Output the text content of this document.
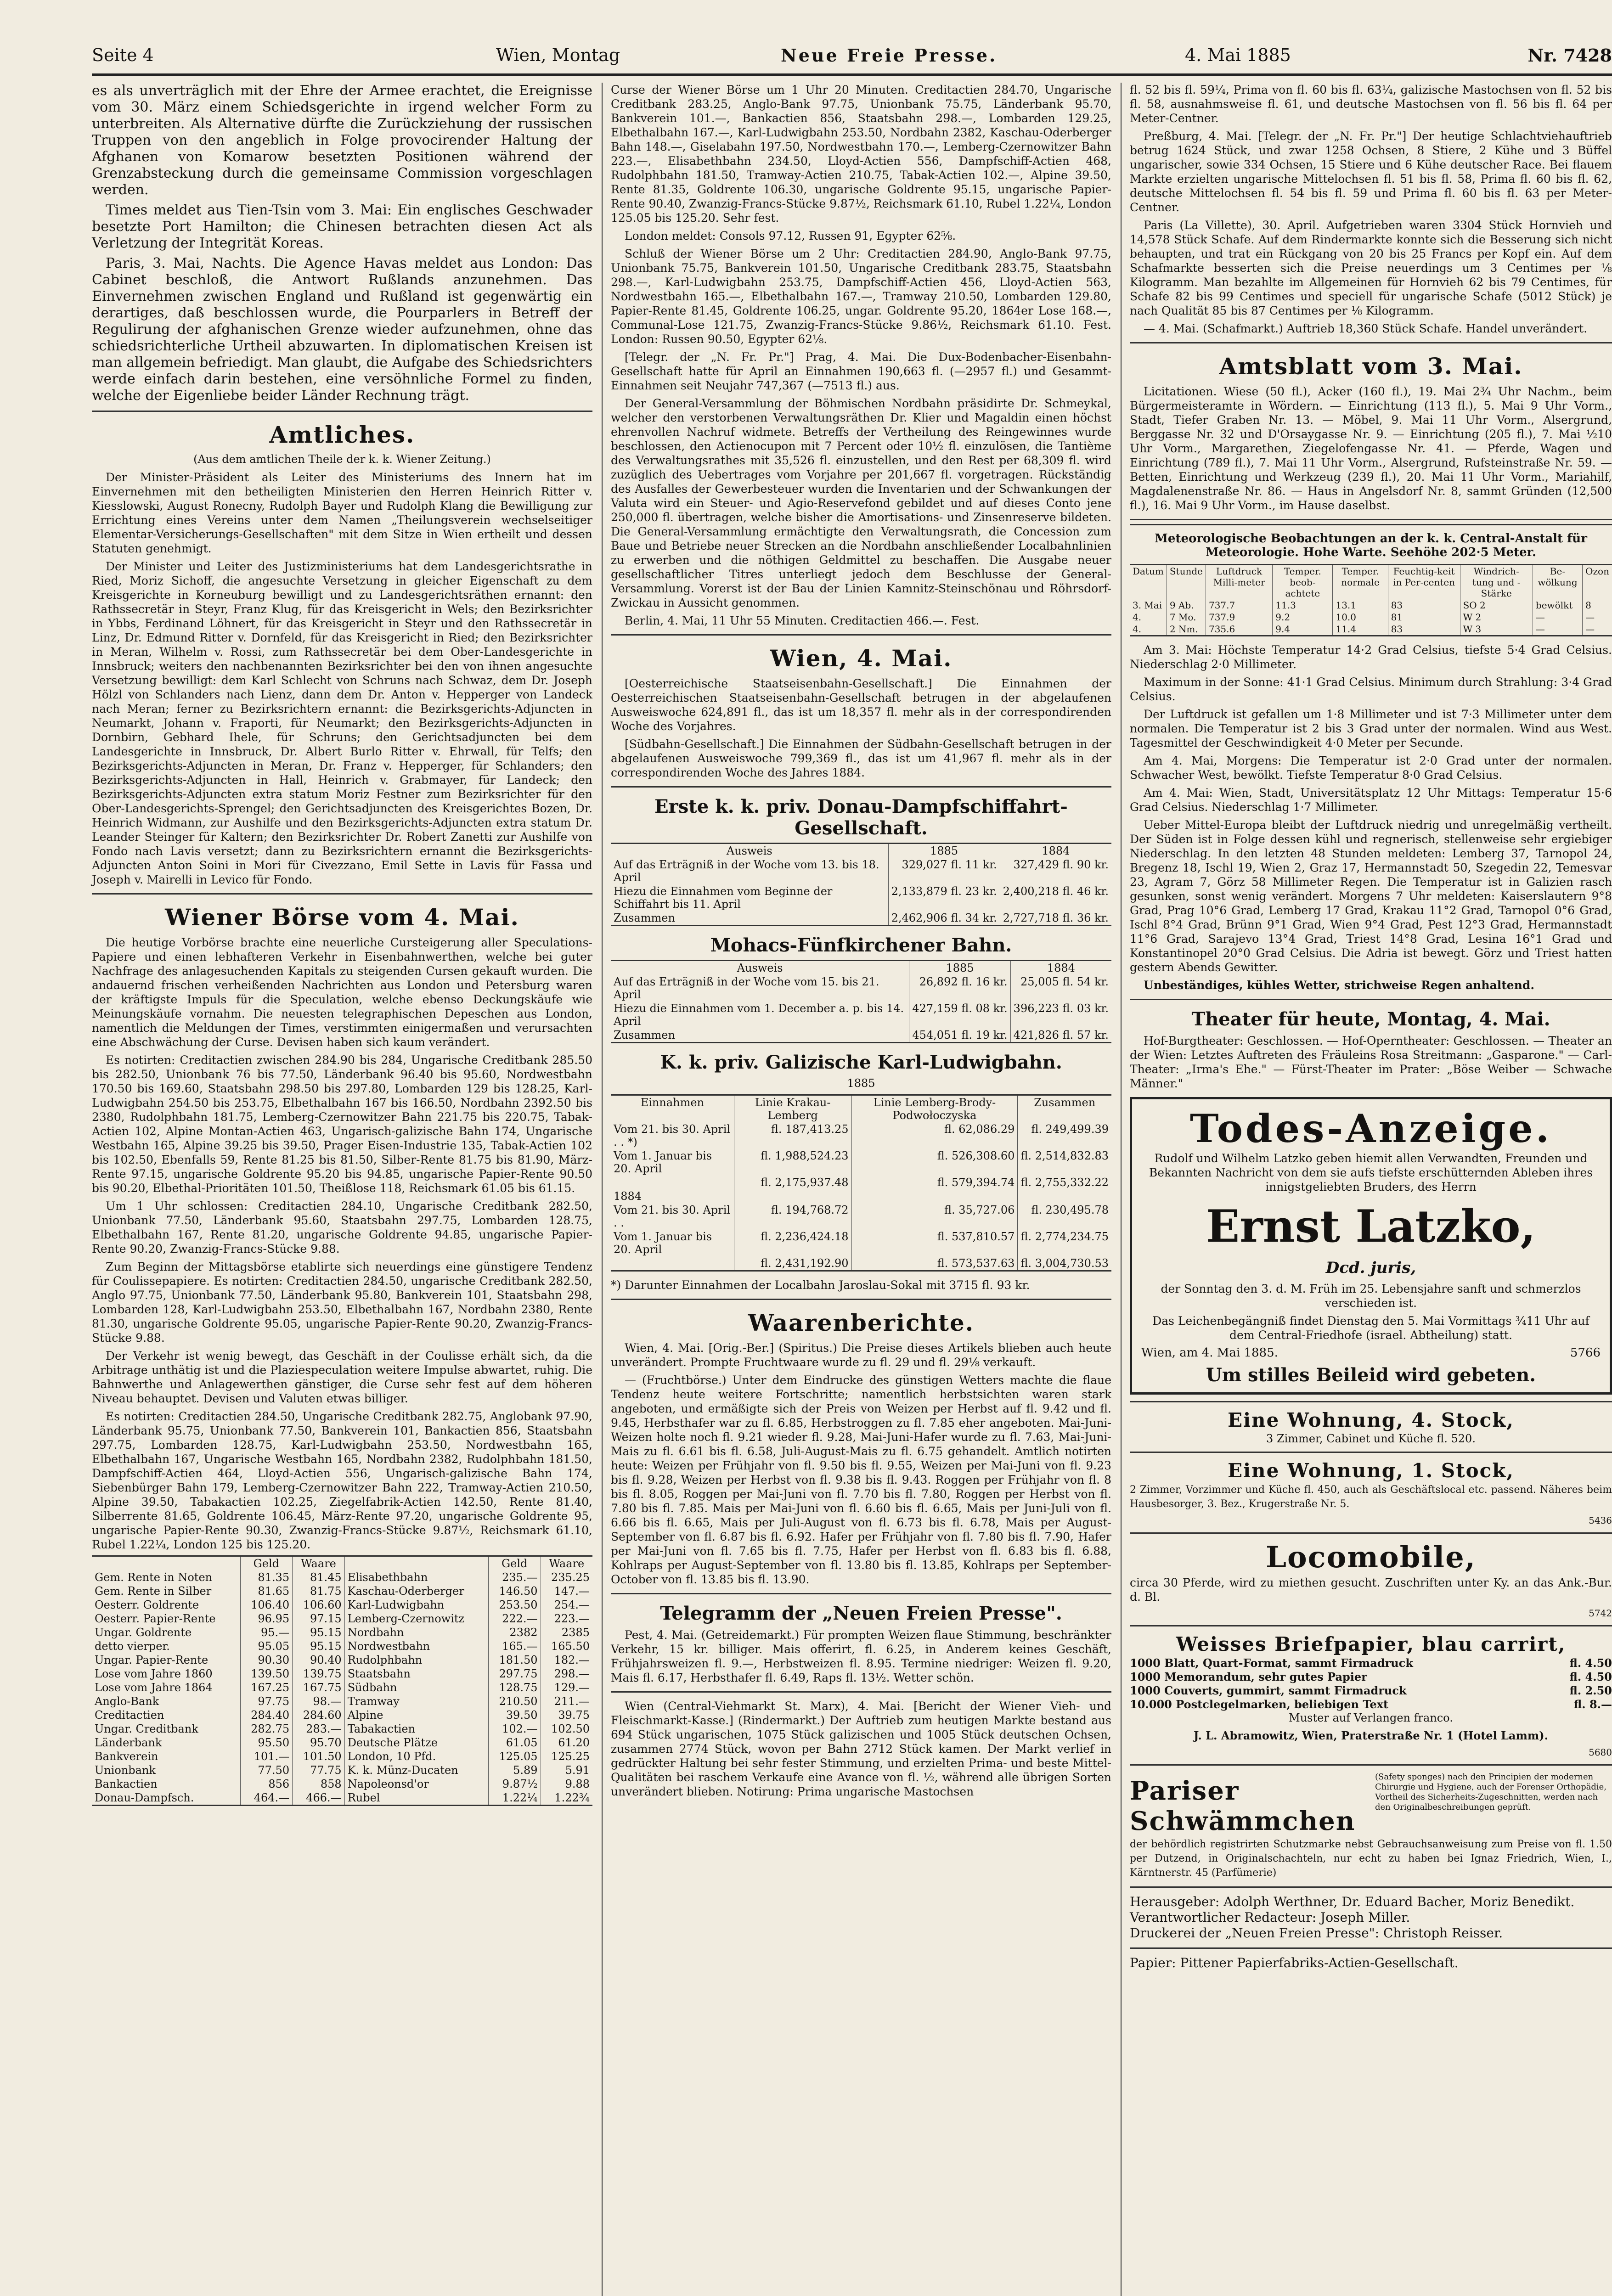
Seite 4	Wien, Montag	Neue Freie Presse.	4. Mai 1885	Nr. 7428

es als unverträglich mit der Ehre der Armee erachtet, die Ereignisse vom 30. März einem Schiedsgerichte in irgend welcher Form zu unterbreiten. Als Alternative dürfte die Zurückziehung der russischen Truppen von den angeblich in Folge provocirender Haltung der Afghanen von Komarow besetzten Positionen während der Grenzabsteckung durch die gemeinsame Commission vorgeschlagen werden.

Times meldet aus Tien-Tsin vom 3. Mai: Ein englisches Geschwader besetzte Port Hamilton; die Chinesen betrachten diesen Act als Verletzung der Integrität Koreas.

Paris, 3. Mai, Nachts. Die Agence Havas meldet aus London: Das Cabinet beschloß, die Antwort Rußlands anzunehmen. Das Einvernehmen zwischen England und Rußland ist gegenwärtig ein derartiges, daß beschlossen wurde, die Pourparlers in Betreff der Regulirung der afghanischen Grenze wieder aufzunehmen, ohne das schiedsrichterliche Urtheil abzuwarten. In diplomatischen Kreisen ist man allgemein befriedigt. Man glaubt, die Aufgabe des Schiedsrichters werde einfach darin bestehen, eine versöhnliche Formel zu finden, welche der Eigenliebe beider Länder Rechnung trägt.

Amtliches.
(Aus dem amtlichen Theile der k. k. Wiener Zeitung.)

Der Minister-Präsident als Leiter des Ministeriums des Innern hat im Einvernehmen mit den betheiligten Ministerien den Herren Heinrich Ritter v. Kiesslowski, August Ronecny, Rudolph Bayer und Rudolph Klang die Bewilligung zur Errichtung eines Vereins unter dem Namen „Theilungsverein wechselseitiger Elementar-Versicherungs-Gesellschaften" mit dem Sitze in Wien ertheilt und dessen Statuten genehmigt.

Der Minister und Leiter des Justizministeriums hat dem Landesgerichtsrathe in Ried, Moriz Sichoff, die angesuchte Versetzung in gleicher Eigenschaft zu dem Kreisgerichte in Korneuburg bewilligt und zu Landesgerichtsräthen ernannt: den Rathssecretär in Steyr, Franz Klug, für das Kreisgericht in Wels; den Bezirksrichter in Ybbs, Ferdinand Löhnert, für das Kreisgericht in Steyr und den Rathssecretär in Linz, Dr. Edmund Ritter v. Dornfeld, für das Kreisgericht in Ried; den Bezirksrichter in Meran, Wilhelm v. Rossi, zum Rathssecretär bei dem Ober-Landesgerichte in Innsbruck; weiters den nachbenannten Bezirksrichter bei den von ihnen angesuchte Versetzung bewilligt: dem Karl Schlecht von Schruns nach Schwaz, dem Dr. Joseph Hölzl von Schlanders nach Lienz, dann dem Dr. Anton v. Hepperger von Landeck nach Meran; ferner zu Bezirksrichtern ernannt: die Bezirksgerichts-Adjuncten in Neumarkt, Johann v. Fraporti, für Neumarkt; den Bezirksgerichts-Adjuncten in Dornbirn, Gebhard Ihele, für Schruns; den Gerichtsadjuncten bei dem Landesgerichte in Innsbruck, Dr. Albert Burlo Ritter v. Ehrwall, für Telfs; den Bezirksgerichts-Adjuncten in Meran, Dr. Franz v. Hepperger, für Schlanders; den Bezirksgerichts-Adjuncten in Hall, Heinrich v. Grabmayer, für Landeck; den Bezirksgerichts-Adjuncten extra statum Moriz Festner zum Bezirksrichter für den Ober-Landesgerichts-Sprengel; den Gerichtsadjuncten des Kreisgerichtes Bozen, Dr. Heinrich Widmann, zur Aushilfe und den Bezirksgerichts-Adjuncten extra statum Dr. Leander Steinger für Kaltern; den Bezirksrichter Dr. Robert Zanetti zur Aushilfe von Fondo nach Lavis versetzt; dann zu Bezirksrichtern ernannt die Bezirksgerichts-Adjuncten Anton Soini in Mori für Civezzano, Emil Sette in Lavis für Fassa und Joseph v. Mairelli in Levico für Fondo.

Wiener Börse vom 4. Mai.

Die heutige Vorbörse brachte eine neuerliche Cursteigerung aller Speculations-Papiere und einen lebhafteren Verkehr in Eisenbahnwerthen, welche bei guter Nachfrage des anlagesuchenden Kapitals zu steigenden Cursen gekauft wurden. Die andauernd frischen verheißenden Nachrichten aus London und Petersburg waren der kräftigste Impuls für die Speculation, welche ebenso Deckungskäufe wie Meinungskäufe vornahm. Die neuesten telegraphischen Depeschen aus London, namentlich die Meldungen der Times, verstimmten einigermaßen und verursachten eine Abschwächung der Curse. Devisen haben sich kaum verändert.

Es notirten: Creditactien zwischen 284.90 bis 284, Ungarische Creditbank 285.50 bis 282.50, Unionbank 76 bis 77.50, Länderbank 96.40 bis 95.60, Nordwestbahn 170.50 bis 169.60, Staatsbahn 298.50 bis 297.80, Lombarden 129 bis 128.25, Karl-Ludwigbahn 254.50 bis 253.75, Elbethalbahn 167 bis 166.50, Nordbahn 2392.50 bis 2380, Rudolphbahn 181.75, Lemberg-Czernowitzer Bahn 221.75 bis 220.75, Tabak-Actien 102, Alpine Montan-Actien 463, Ungarisch-galizische Bahn 174, Ungarische Westbahn 165, Alpine 39.25 bis 39.50, Prager Eisen-Industrie 135, Tabak-Actien 102 bis 102.50, Ebenfalls 59, Rente 81.25 bis 81.50, Silber-Rente 81.75 bis 81.90, März-Rente 97.15, ungarische Goldrente 95.20 bis 94.85, ungarische Papier-Rente 90.50 bis 90.20, Elbethal-Prioritäten 101.50, Theißlose 118, Reichsmark 61.05 bis 61.15.

Um 1 Uhr schlossen: Creditactien 284.10, Ungarische Creditbank 282.50, Unionbank 77.50, Länderbank 95.60, Staatsbahn 297.75, Lombarden 128.75, Elbethalbahn 167, Rente 81.20, ungarische Goldrente 94.85, ungarische Papier-Rente 90.20, Zwanzig-Francs-Stücke 9.88.

Zum Beginn der Mittagsbörse etablirte sich neuerdings eine günstigere Tendenz für Coulissepapiere. Es notirten: Creditactien 284.50, ungarische Creditbank 282.50, Anglo 97.75, Unionbank 77.50, Länderbank 95.80, Bankverein 101, Staatsbahn 298, Lombarden 128, Karl-Ludwigbahn 253.50, Elbethalbahn 167, Nordbahn 2380, Rente 81.30, ungarische Goldrente 95.05, ungarische Papier-Rente 90.20, Zwanzig-Francs-Stücke 9.88.

Der Verkehr ist wenig bewegt, das Geschäft in der Coulisse erhält sich, da die Arbitrage unthätig ist und die Plaziespeculation weitere Impulse abwartet, ruhig. Die Bahnwerthe und Anlagewerthen gänstiger, die Curse sehr fest auf dem höheren Niveau behauptet. Devisen und Valuten etwas billiger.

Es notirten: Creditactien 284.50, Ungarische Creditbank 282.75, Anglobank 97.90, Länderbank 95.75, Unionbank 77.50, Bankverein 101, Bankactien 856, Staatsbahn 297.75, Lombarden 128.75, Karl-Ludwigbahn 253.50, Nordwestbahn 165, Elbethalbahn 167, Ungarische Westbahn 165, Nordbahn 2382, Rudolphbahn 181.50, Dampfschiff-Actien 464, Lloyd-Actien 556, Ungarisch-galizische Bahn 174, Siebenbürger Bahn 179, Lemberg-Czernowitzer Bahn 222, Tramway-Actien 210.50, Alpine 39.50, Tabakactien 102.25, Ziegelfabrik-Actien 142.50, Rente 81.40, Silberrente 81.65, Goldrente 106.45, März-Rente 97.20, ungarische Goldrente 95, ungarische Papier-Rente 90.30, Zwanzig-Francs-Stücke 9.87½, Reichsmark 61.10, Rubel 1.22¼, London 125 bis 125.20.

	Geld	Waare		Geld	Waare
Gem. Rente in Noten	81.35	81.45	Elisabethbahn	235.—	235.25
Gem. Rente in Silber	81.65	81.75	Kaschau-Oderberger	146.50	147.—
Oesterr. Goldrente	106.40	106.60	Karl-Ludwigbahn	253.50	254.—
Oesterr. Papier-Rente	96.95	97.15	Lemberg-Czernowitz	222.—	223.—
Ungar. Goldrente	95.—	95.15	Nordbahn	2382	2385
detto vierper.	95.05	95.15	Nordwestbahn	165.—	165.50
Ungar. Papier-Rente	90.30	90.40	Rudolphbahn	181.50	182.—
Lose vom Jahre 1860	139.50	139.75	Staatsbahn	297.75	298.—
Lose vom Jahre 1864	167.25	167.75	Südbahn	128.75	129.—
Anglo-Bank	97.75	98.—	Tramway	210.50	211.—
Creditactien	284.40	284.60	Alpine	39.50	39.75
Ungar. Creditbank	282.75	283.—	Tabakactien	102.—	102.50
Länderbank	95.50	95.70	Deutsche Plätze	61.05	61.20
Bankverein	101.—	101.50	London, 10 Pfd.	125.05	125.25
Unionbank	77.50	77.75	K. k. Münz-Ducaten	5.89	5.91
Bankactien	856	858	Napoleonsd'or	9.87½	9.88
Donau-Dampfsch.	464.—	466.—	Rubel	1.22¼	1.22¾

Curse der Wiener Börse um 1 Uhr 20 Minuten. Creditactien 284.70, Ungarische Creditbank 283.25, Anglo-Bank 97.75, Unionbank 75.75, Länderbank 95.70, Bankverein 101.—, Bankactien 856, Staatsbahn 298.—, Lombarden 129.25, Elbethalbahn 167.—, Karl-Ludwigbahn 253.50, Nordbahn 2382, Kaschau-Oderberger Bahn 148.—, Giselabahn 197.50, Nordwestbahn 170.—, Lemberg-Czernowitzer Bahn 223.—, Elisabethbahn 234.50, Lloyd-Actien 556, Dampfschiff-Actien 468, Rudolphbahn 181.50, Tramway-Actien 210.75, Tabak-Actien 102.—, Alpine 39.50, Rente 81.35, Goldrente 106.30, ungarische Goldrente 95.15, ungarische Papier-Rente 90.40, Zwanzig-Francs-Stücke 9.87½, Reichsmark 61.10, Rubel 1.22¼, London 125.05 bis 125.20. Sehr fest.

London meldet: Consols 97.12, Russen 91, Egypter 62⅝.

Schluß der Wiener Börse um 2 Uhr: Creditactien 284.90, Anglo-Bank 97.75, Unionbank 75.75, Bankverein 101.50, Ungarische Creditbank 283.75, Staatsbahn 298.—, Karl-Ludwigbahn 253.75, Dampfschiff-Actien 456, Lloyd-Actien 563, Nordwestbahn 165.—, Elbethalbahn 167.—, Tramway 210.50, Lombarden 129.80, Papier-Rente 81.45, Goldrente 106.25, ungar. Goldrente 95.20, 1864er Lose 168.—, Communal-Lose 121.75, Zwanzig-Francs-Stücke 9.86½, Reichsmark 61.10. Fest. London: Russen 90.50, Egypter 62⅛.

[Telegr. der „N. Fr. Pr."] Prag, 4. Mai. Die Dux-Bodenbacher-Eisenbahn-Gesellschaft hatte für April an Einnahmen 190,663 fl. (—2957 fl.) und Gesammt-Einnahmen seit Neujahr 747,367 (—7513 fl.) aus.

Der General-Versammlung der Böhmischen Nordbahn präsidirte Dr. Schmeykal, welcher den verstorbenen Verwaltungsräthen Dr. Klier und Magaldin einen höchst ehrenvollen Nachruf widmete. Betreffs der Vertheilung des Reingewinnes wurde beschlossen, den Actienocupon mit 7 Percent oder 10½ fl. einzulösen, die Tantième des Verwaltungsrathes mit 35,526 fl. einzustellen, und den Rest per 68,309 fl. wird zuzüglich des Uebertrages vom Vorjahre per 201,667 fl. vorgetragen. Rückständig des Ausfalles der Gewerbesteuer wurden die Inventarien und der Schwankungen der Valuta wird ein Steuer- und Agio-Reservefond gebildet und auf dieses Conto jene 250,000 fl. übertragen, welche bisher die Amortisations- und Zinsenreserve bildeten. Die General-Versammlung ermächtigte den Verwaltungsrath, die Concession zum Baue und Betriebe neuer Strecken an die Nordbahn anschließender Localbahnlinien zu erwerben und die nöthigen Geldmittel zu beschaffen. Die Ausgabe neuer gesellschaftlicher Titres unterliegt jedoch dem Beschlusse der General-Versammlung. Vorerst ist der Bau der Linien Kamnitz-Steinschönau und Röhrsdorf-Zwickau in Aussicht genommen.

Berlin, 4. Mai, 11 Uhr 55 Minuten. Creditactien 466.—. Fest.

Wien, 4. Mai.

[Oesterreichische Staatseisenbahn-Gesellschaft.] Die Einnahmen der Oesterreichischen Staatseisenbahn-Gesellschaft betrugen in der abgelaufenen Ausweiswoche 624,891 fl., das ist um 18,357 fl. mehr als in der correspondirenden Woche des Vorjahres.

[Südbahn-Gesellschaft.] Die Einnahmen der Südbahn-Gesellschaft betrugen in der abgelaufenen Ausweiswoche 799,369 fl., das ist um 41,967 fl. mehr als in der correspondirenden Woche des Jahres 1884.

Erste k. k. priv. Donau-Dampfschiffahrt-Gesellschaft.
Ausweis	1885	1884
Auf das Erträgniß in der Woche vom 13. bis 18. April	329,027 fl. 11 kr.	327,429 fl. 90 kr.
Hiezu die Einnahmen vom Beginne der Schiffahrt bis 11. April	2,133,879 fl. 23 kr.	2,400,218 fl. 46 kr.
Zusammen	2,462,906 fl. 34 kr.	2,727,718 fl. 36 kr.
Mohacs-Fünfkirchener Bahn.
Ausweis	1885	1884
Auf das Erträgniß in der Woche vom 15. bis 21. April	26,892 fl. 16 kr.	25,005 fl. 54 kr.
Hiezu die Einnahmen vom 1. December a. p. bis 14. April	427,159 fl. 08 kr.	396,223 fl. 03 kr.
Zusammen	454,051 fl. 19 kr.	421,826 fl. 57 kr.
K. k. priv. Galizische Karl-Ludwigbahn.
1885
Einnahmen	Linie Krakau-Lemberg	Linie Lemberg-Brody-Podwołoczyska	Zusammen
Vom 21. bis 30. April . . *)	fl. 187,413.25	fl. 62,086.29	fl. 249,499.39
Vom 1. Januar bis 20. April	fl. 1,988,524.23	fl. 526,308.60	fl. 2,514,832.83
	fl. 2,175,937.48	fl. 579,394.74	fl. 2,755,332.22
1884			
Vom 21. bis 30. April . .	fl. 194,768.72	fl. 35,727.06	fl. 230,495.78
Vom 1. Januar bis 20. April	fl. 2,236,424.18	fl. 537,810.57	fl. 2,774,234.75
	fl. 2,431,192.90	fl. 573,537.63	fl. 3,004,730.53

*) Darunter Einnahmen der Localbahn Jaroslau-Sokal mit 3715 fl. 93 kr.

Waarenberichte.

Wien, 4. Mai. [Orig.-Ber.] (Spiritus.) Die Preise dieses Artikels blieben auch heute unverändert. Prompte Fruchtwaare wurde zu fl. 29 und fl. 29⅛ verkauft.

— (Fruchtbörse.) Unter dem Eindrucke des günstigen Wetters machte die flaue Tendenz heute weitere Fortschritte; namentlich herbstsichten waren stark angeboten, und ermäßigte sich der Preis von Weizen per Herbst auf fl. 9.42 und fl. 9.45, Herbsthafer war zu fl. 6.85, Herbstroggen zu fl. 7.85 eher angeboten. Mai-Juni-Weizen holte noch fl. 9.21 wieder fl. 9.28, Mai-Juni-Hafer wurde zu fl. 7.63, Mai-Juni-Mais zu fl. 6.61 bis fl. 6.58, Juli-August-Mais zu fl. 6.75 gehandelt. Amtlich notirten heute: Weizen per Frühjahr von fl. 9.50 bis fl. 9.55, Weizen per Mai-Juni von fl. 9.23 bis fl. 9.28, Weizen per Herbst von fl. 9.38 bis fl. 9.43. Roggen per Frühjahr von fl. 8 bis fl. 8.05, Roggen per Mai-Juni von fl. 7.70 bis fl. 7.80, Roggen per Herbst von fl. 7.80 bis fl. 7.85. Mais per Mai-Juni von fl. 6.60 bis fl. 6.65, Mais per Juni-Juli von fl. 6.66 bis fl. 6.65, Mais per Juli-August von fl. 6.73 bis fl. 6.78, Mais per August-September von fl. 6.87 bis fl. 6.92. Hafer per Frühjahr von fl. 7.80 bis fl. 7.90, Hafer per Mai-Juni von fl. 7.65 bis fl. 7.75, Hafer per Herbst von fl. 6.83 bis fl. 6.88, Kohlraps per August-September von fl. 13.80 bis fl. 13.85, Kohlraps per September-October von fl. 13.85 bis fl. 13.90.

Telegramm der „Neuen Freien Presse".

Pest, 4. Mai. (Getreidemarkt.) Für prompten Weizen flaue Stimmung, beschränkter Verkehr, 15 kr. billiger. Mais offerirt, fl. 6.25, in Anderem keines Geschäft, Frühjahrsweizen fl. 9.—, Herbstweizen fl. 8.95. Termine niedriger: Weizen fl. 9.20, Mais fl. 6.17, Herbsthafer fl. 6.49, Raps fl. 13½. Wetter schön.

Wien (Central-Viehmarkt St. Marx), 4. Mai. [Bericht der Wiener Vieh- und Fleischmarkt-Kasse.] (Rindermarkt.) Der Auftrieb zum heutigen Markte bestand aus 694 Stück ungarischen, 1075 Stück galizischen und 1005 Stück deutschen Ochsen, zusammen 2774 Stück, wovon per Bahn 2712 Stück kamen. Der Markt verlief in gedrückter Haltung bei sehr fester Stimmung, und erzielten Prima- und beste Mittel-Qualitäten bei raschem Verkaufe eine Avance von fl. ½, während alle übrigen Sorten unverändert blieben. Notirung: Prima ungarische Mastochsen

fl. 52 bis fl. 59¼, Prima von fl. 60 bis fl. 63¼, galizische Mastochsen von fl. 52 bis fl. 58, ausnahmsweise fl. 61, und deutsche Mastochsen von fl. 56 bis fl. 64 per Meter-Centner.

Preßburg, 4. Mai. [Telegr. der „N. Fr. Pr."] Der heutige Schlachtviehauftrieb betrug 1624 Stück, und zwar 1258 Ochsen, 8 Stiere, 2 Kühe und 3 Büffel ungarischer, sowie 334 Ochsen, 15 Stiere und 6 Kühe deutscher Race. Bei flauem Markte erzielten ungarische Mittelochsen fl. 51 bis fl. 58, Prima fl. 60 bis fl. 62, deutsche Mittelochsen fl. 54 bis fl. 59 und Prima fl. 60 bis fl. 63 per Meter-Centner.

Paris (La Villette), 30. April. Aufgetrieben waren 3304 Stück Hornvieh und 14,578 Stück Schafe. Auf dem Rindermarkte konnte sich die Besserung sich nicht behaupten, und trat ein Rückgang von 20 bis 25 Francs per Kopf ein. Auf dem Schafmarkte besserten sich die Preise neuerdings um 3 Centimes per ⅛ Kilogramm. Man bezahlte im Allgemeinen für Hornvieh 62 bis 79 Centimes, für Schafe 82 bis 99 Centimes und speciell für ungarische Schafe (5012 Stück) je nach Qualität 85 bis 87 Centimes per ⅛ Kilogramm.

— 4. Mai. (Schafmarkt.) Auftrieb 18,360 Stück Schafe. Handel unverändert.

Amtsblatt vom 3. Mai.

Licitationen. Wiese (50 fl.), Acker (160 fl.), 19. Mai 2¾ Uhr Nachm., beim Bürgermeisteramte in Wördern. — Einrichtung (113 fl.), 5. Mai 9 Uhr Vorm., Stadt, Tiefer Graben Nr. 13. — Möbel, 9. Mai 11 Uhr Vorm., Alsergrund, Berggasse Nr. 32 und D'Orsaygasse Nr. 9. — Einrichtung (205 fl.), 7. Mai ½10 Uhr Vorm., Margarethen, Ziegelofengasse Nr. 41. — Pferde, Wagen und Einrichtung (789 fl.), 7. Mai 11 Uhr Vorm., Alsergrund, Rufsteinstraße Nr. 59. — Betten, Einrichtung und Werkzeug (239 fl.), 20. Mai 11 Uhr Vorm., Mariahilf, Magdalenenstraße Nr. 86. — Haus in Angelsdorf Nr. 8, sammt Gründen (12,500 fl.), 16. Mai 9 Uhr Vorm., im Hause daselbst.

Meteorologische Beobachtungen an der k. k. Central-Anstalt für Meteorologie. Hohe Warte. Seehöhe 202·5 Meter.
Datum	Stunde	Luftdruck Milli-meter	Temper. beob-achtete	Temper. normale	Feuchtig-keit in Per-centen	Windrich-tung und -Stärke	Be-wölkung	Ozon
3. Mai	9 Ab.	737.7	11.3	13.1	83	SO 2	bewölkt	8
4.	7 Mo.	737.9	9.2	10.0	81	W 2	—	—
4.	2 Nm.	735.6	9.4	11.4	83	W 3	—	—

Am 3. Mai: Höchste Temperatur 14·2 Grad Celsius, tiefste 5·4 Grad Celsius. Niederschlag 2·0 Millimeter.

Maximum in der Sonne: 41·1 Grad Celsius. Minimum durch Strahlung: 3·4 Grad Celsius.

Der Luftdruck ist gefallen um 1·8 Millimeter und ist 7·3 Millimeter unter dem normalen. Die Temperatur ist 2 bis 3 Grad unter der normalen. Wind aus West. Tagesmittel der Geschwindigkeit 4·0 Meter per Secunde.

Am 4. Mai, Morgens: Die Temperatur ist 2·0 Grad unter der normalen. Schwacher West, bewölkt. Tiefste Temperatur 8·0 Grad Celsius.

Am 4. Mai: Wien, Stadt, Universitätsplatz 12 Uhr Mittags: Temperatur 15·6 Grad Celsius. Niederschlag 1·7 Millimeter.

Ueber Mittel-Europa bleibt der Luftdruck niedrig und unregelmäßig vertheilt. Der Süden ist in Folge dessen kühl und regnerisch, stellenweise sehr ergiebiger Niederschlag. In den letzten 48 Stunden meldeten: Lemberg 37, Tarnopol 24, Bregenz 18, Ischl 19, Wien 2, Graz 17, Hermannstadt 50, Szegedin 22, Temesvar 23, Agram 7, Görz 58 Millimeter Regen. Die Temperatur ist in Galizien rasch gesunken, sonst wenig verändert. Morgens 7 Uhr meldeten: Kaiserslautern 9°8 Grad, Prag 10°6 Grad, Lemberg 17 Grad, Krakau 11°2 Grad, Tarnopol 0°6 Grad, Ischl 8°4 Grad, Brünn 9°1 Grad, Wien 9°4 Grad, Pest 12°3 Grad, Hermannstadt 11°6 Grad, Sarajevo 13°4 Grad, Triest 14°8 Grad, Lesina 16°1 Grad und Konstantinopel 20°0 Grad Celsius. Die Adria ist bewegt. Görz und Triest hatten gestern Abends Gewitter.

Unbeständiges, kühles Wetter, strichweise Regen anhaltend.

Theater für heute, Montag, 4. Mai.

Hof-Burgtheater: Geschlossen. — Hof-Operntheater: Geschlossen. — Theater an der Wien: Letztes Auftreten des Fräuleins Rosa Streitmann: „Gasparone." — Carl-Theater: „Irma's Ehe." — Fürst-Theater im Prater: „Böse Weiber — Schwache Männer."

Todes-Anzeige.

Rudolf und Wilhelm Latzko geben hiemit allen Verwandten, Freunden und Bekannten Nachricht von dem sie aufs tiefste erschütternden Ableben ihres innigstgeliebten Bruders, des Herrn

Ernst Latzko,
Dcd. juris,

der Sonntag den 3. d. M. Früh im 25. Lebensjahre sanft und schmerzlos verschieden ist.

Das Leichenbegängniß findet Dienstag den 5. Mai Vormittags ¾11 Uhr auf dem Central-Friedhofe (israel. Abtheilung) statt.

Wien, am 4. Mai 1885.	5766
Um stilles Beileid wird gebeten.
Eine Wohnung, 4. Stock,
3 Zimmer, Cabinet und Küche fl. 520.
Eine Wohnung, 1. Stock,

2 Zimmer, Vorzimmer und Küche fl. 450, auch als Geschäftslocal etc. passend. Näheres beim Hausbesorger, 3. Bez., Krugerstraße Nr. 5.

5436
Locomobile,

circa 30 Pferde, wird zu miethen gesucht. Zuschriften unter Ky. an das Ank.-Bur. d. Bl.

5742
Weisses Briefpapier, blau carrirt,
1000 Blatt, Quart-Format, sammt Firmadruck	fl. 4.50
1000 Memorandum, sehr gutes Papier	fl. 4.50
1000 Couverts, gummirt, sammt Firmadruck	fl. 2.50
10.000 Postclegelmarken, beliebigen Text	fl. 8.—
Muster auf Verlangen franco.
J. L. Abramowitz, Wien, Praterstraße Nr. 1 (Hotel Lamm).
5680
Pariser Schwämmchen
(Safety sponges) nach den Principien der modernen Chirurgie und Hygiene, auch der Forenser Orthopädie, Vortheil des Sicherheits-Zugeschnitten, werden nach den Originalbeschreibungen geprüft.

der behördlich registrirten Schutzmarke nebst Gebrauchsanweisung zum Preise von fl. 1.50 per Dutzend, in Originalschachteln, nur echt zu haben bei Ignaz Friedrich, Wien, I., Kärntnerstr. 45 (Parfümerie)

Herausgeber: Adolph Werthner, Dr. Eduard Bacher, Moriz Benedikt.
Verantwortlicher Redacteur: Joseph Miller.
Druckerei der „Neuen Freien Presse": Christoph Reisser.
Papier: Pittener Papierfabriks-Actien-Gesellschaft.
